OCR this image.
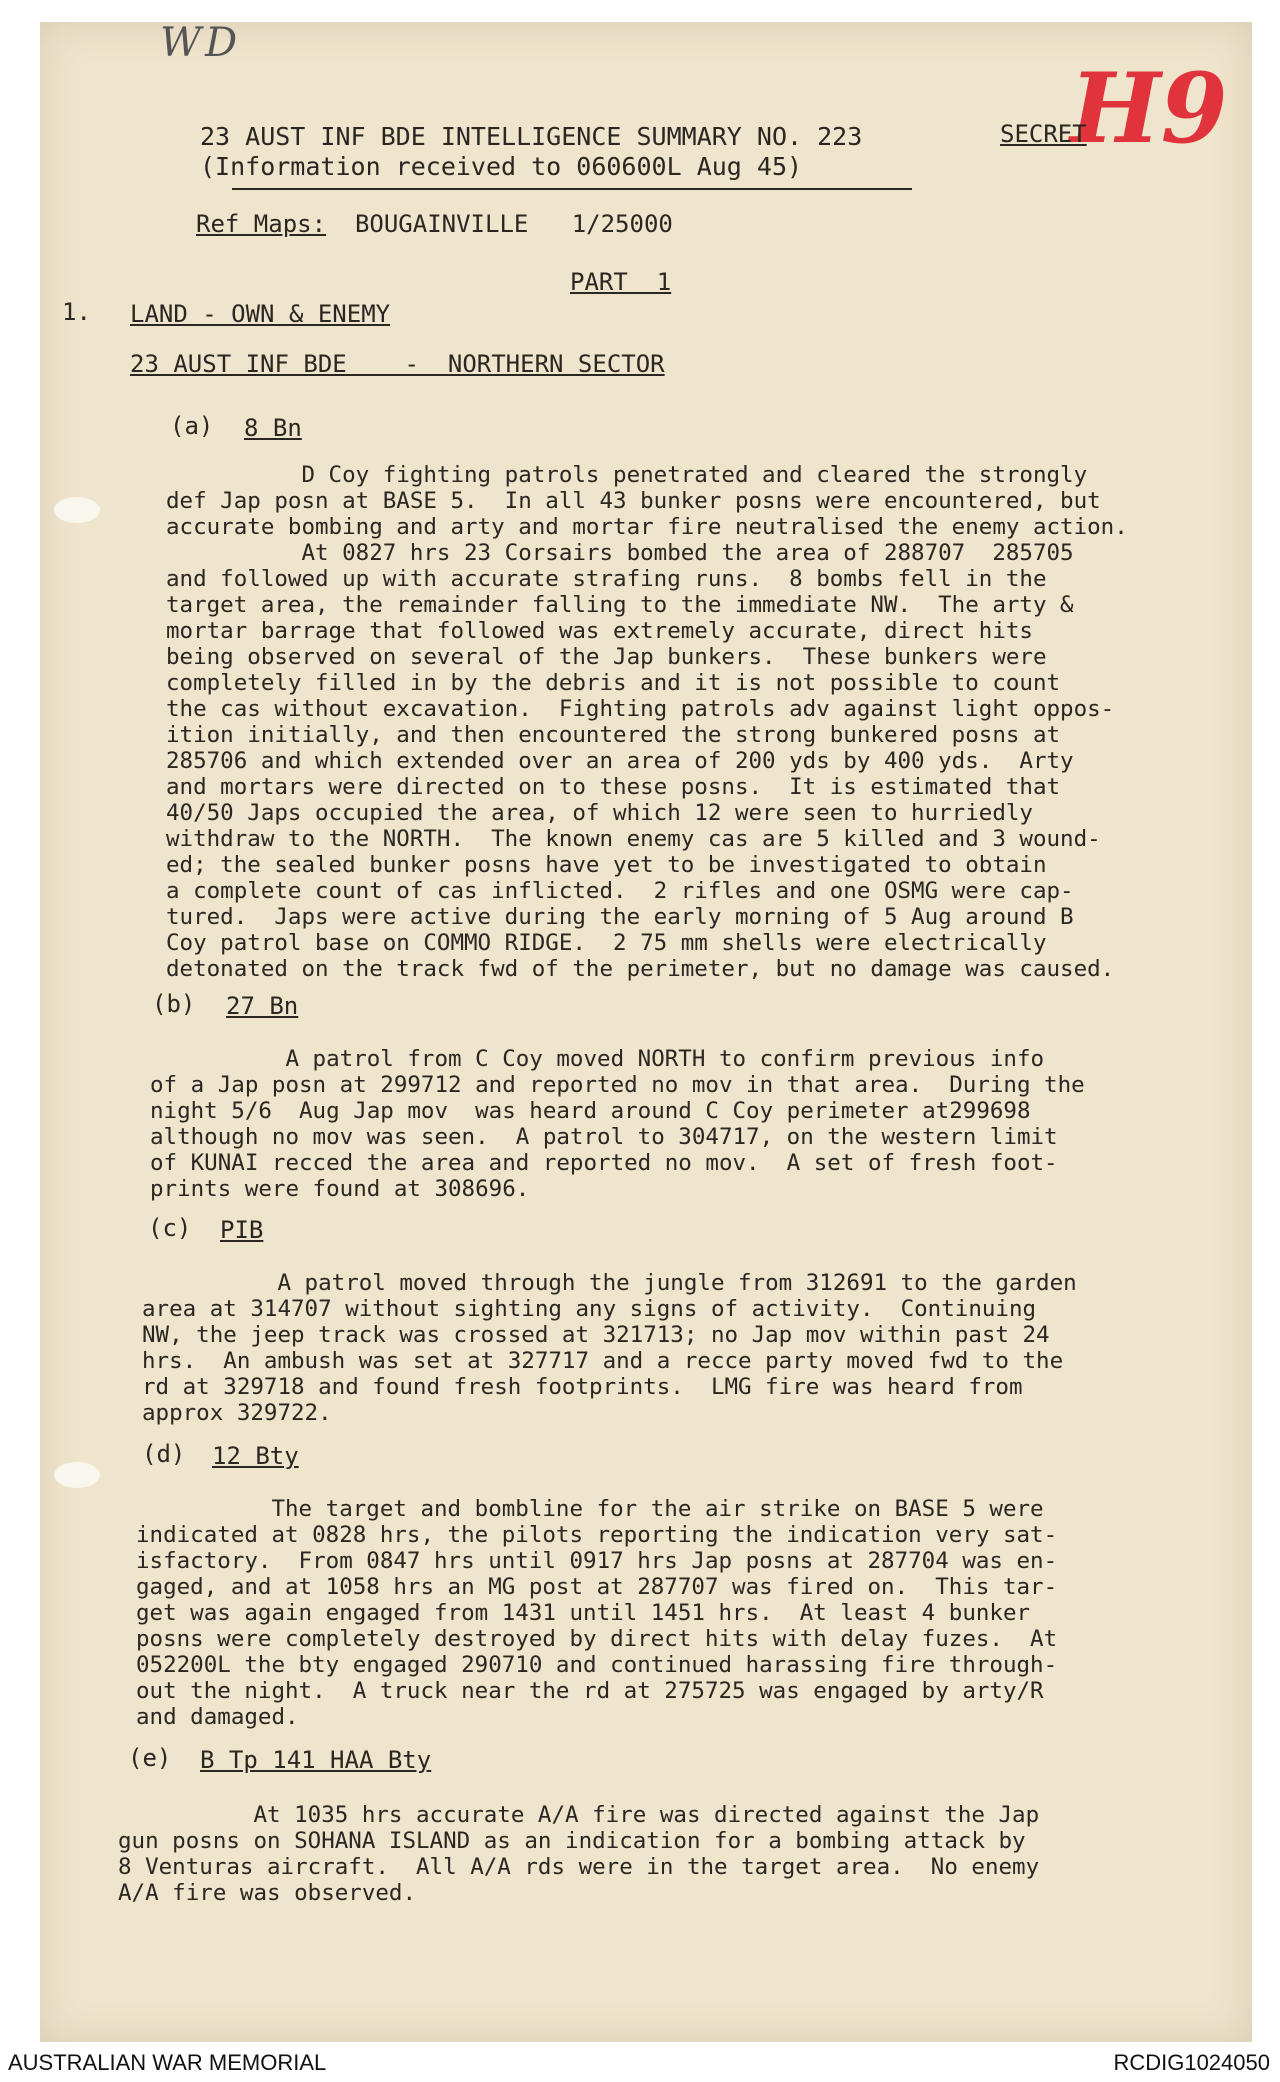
WD
H9
23 AUST INF BDE INTELLIGENCE SUMMARY NO. 223
(Information received to 060600L Aug 45)
SECRET
Ref Maps: BOUGAINVILLE   1/25000
PART  1
1. LAND - OWN & ENEMY
23 AUST INF BDE    -  NORTHERN SECTOR
(a) 8 Bn
D Coy fighting patrols penetrated and cleared the strongly
def Jap posn at BASE 5.  In all 43 bunker posns were encountered, but
accurate bombing and arty and mortar fire neutralised the enemy action.
At 0827 hrs 23 Corsairs bombed the area of 288707  285705
and followed up with accurate strafing runs.  8 bombs fell in the
target area, the remainder falling to the immediate NW.  The arty &
mortar barrage that followed was extremely accurate, direct hits
being observed on several of the Jap bunkers.  These bunkers were
completely filled in by the debris and it is not possible to count
the cas without excavation.  Fighting patrols adv against light oppos-
ition initially, and then encountered the strong bunkered posns at
285706 and which extended over an area of 200 yds by 400 yds.  Arty
and mortars were directed on to these posns.  It is estimated that
40/50 Japs occupied the area, of which 12 were seen to hurriedly
withdraw to the NORTH.  The known enemy cas are 5 killed and 3 wound-
ed; the sealed bunker posns have yet to be investigated to obtain
a complete count of cas inflicted.  2 rifles and one OSMG were cap-
tured.  Japs were active during the early morning of 5 Aug around B
Coy patrol base on COMMO RIDGE.  2 75 mm shells were electrically
detonated on the track fwd of the perimeter, but no damage was caused.
(b) 27 Bn
A patrol from C Coy moved NORTH to confirm previous info
of a Jap posn at 299712 and reported no mov in that area.  During the
night 5/6  Aug Jap mov  was heard around C Coy perimeter at299698
although no mov was seen.  A patrol to 304717, on the western limit
of KUNAI recced the area and reported no mov.  A set of fresh foot-
prints were found at 308696.
(c) PIB
A patrol moved through the jungle from 312691 to the garden
area at 314707 without sighting any signs of activity.  Continuing
NW, the jeep track was crossed at 321713; no Jap mov within past 24
hrs.  An ambush was set at 327717 and a recce party moved fwd to the
rd at 329718 and found fresh footprints.  LMG fire was heard from
approx 329722.
(d) 12 Bty
The target and bombline for the air strike on BASE 5 were
indicated at 0828 hrs, the pilots reporting the indication very sat-
isfactory.  From 0847 hrs until 0917 hrs Jap posns at 287704 was en-
gaged, and at 1058 hrs an MG post at 287707 was fired on.  This tar-
get was again engaged from 1431 until 1451 hrs.  At least 4 bunker
posns were completely destroyed by direct hits with delay fuzes.  At
052200L the bty engaged 290710 and continued harassing fire through-
out the night.  A truck near the rd at 275725 was engaged by arty/R
and damaged.
(e) B Tp 141 HAA Bty
At 1035 hrs accurate A/A fire was directed against the Jap
gun posns on SOHANA ISLAND as an indication for a bombing attack by
8 Venturas aircraft.  All A/A rds were in the target area.  No enemy
A/A fire was observed.
AUSTRALIAN WAR MEMORIAL	RCDIG1024050
